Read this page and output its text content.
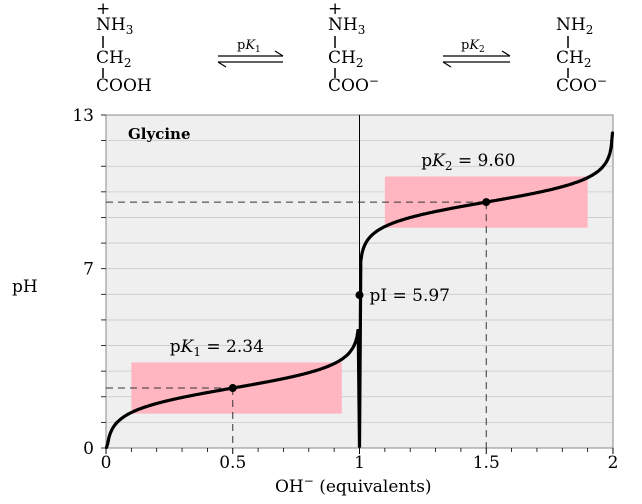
+
$NH_3$
$CH_2$
COOH
$pK_1$
+
$NH_3$
$CH_2$
COO−
$pK_2$
$NH_2$
$CH_2$
COO−
Glycine
$pK_1 = 2.34$
pI = 5.97
$pK_2 = 9.60$
0	0.5	1	1.5	2
0
7
13
pH
OH− (equivalents)
